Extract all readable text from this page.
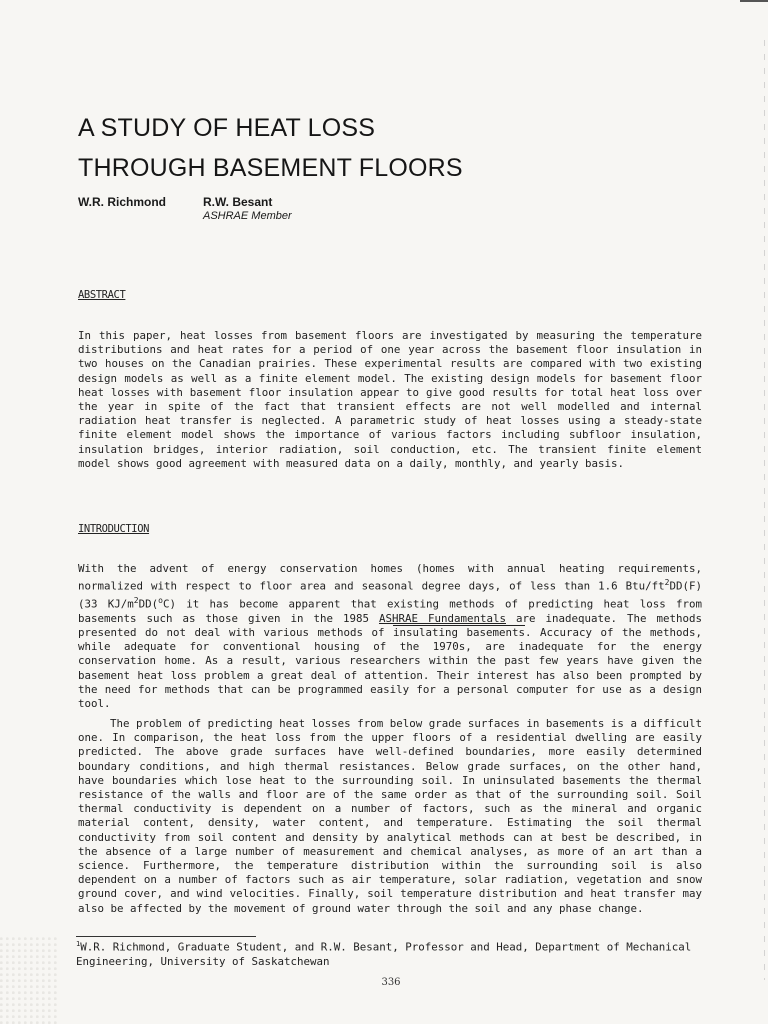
A STUDY OF HEAT LOSS
THROUGH BASEMENT FLOORS
W.R. Richmond	R.W. Besant
ASHRAE Member
ABSTRACT

In this paper, heat losses from basement floors are investigated by measuring the temperature distributions and heat rates for a period of one year across the basement floor insulation in two houses on the Canadian prairies. These experimental results are compared with two existing design models as well as a finite element model. The existing design models for basement floor heat losses with basement floor insulation appear to give good results for total heat loss over the year in spite of the fact that transient effects are not well modelled and internal radiation heat transfer is neglected. A parametric study of heat losses using a steady-state finite element model shows the importance of various factors including subfloor insulation, insulation bridges, interior radiation, soil conduction, etc. The transient finite element model shows good agreement with measured data on a daily, monthly, and yearly basis.

INTRODUCTION

With the advent of energy conservation homes (homes with annual heating requirements, normalized with respect to floor area and seasonal degree days, of less than 1.6 Btu/$ft^2DD(F)$ (33 $KJ/m^2DD(^oC)$ it has become apparent that existing methods of predicting heat loss from basements such as those given in the 1985 ASHRAE Fundamentals are inadequate. The methods presented do not deal with various methods of insulating basements. Accuracy of the methods, while adequate for conventional housing of the 1970s, are inadequate for the energy conservation home. As a result, various researchers within the past few years have given the basement heat loss problem a great deal of attention. Their interest has also been prompted by the need for methods that can be programmed easily for a personal computer for use as a design tool.

The problem of predicting heat losses from below grade surfaces in basements is a difficult one. In comparison, the heat loss from the upper floors of a residential dwelling are easily predicted. The above grade surfaces have well-defined boundaries, more easily determined boundary conditions, and high thermal resistances. Below grade surfaces, on the other hand, have boundaries which lose heat to the surrounding soil. In uninsulated basements the thermal resistance of the walls and floor are of the same order as that of the surrounding soil. Soil thermal conductivity is dependent on a number of factors, such as the mineral and organic material content, density, water content, and temperature. Estimating the soil thermal conductivity from soil content and density by analytical methods can at best be described, in the absence of a large number of measurement and chemical analyses, as more of an art than a science. Furthermore, the temperature distribution within the surrounding soil is also dependent on a number of factors such as air temperature, solar radiation, vegetation and snow ground cover, and wind velocities. Finally, soil temperature distribution and heat transfer may also be affected by the movement of ground water through the soil and any phase change.

$^1$W.R. Richmond, Graduate Student, and R.W. Besant, Professor and Head, Department of Mechanical Engineering, University of Saskatchewan

336
